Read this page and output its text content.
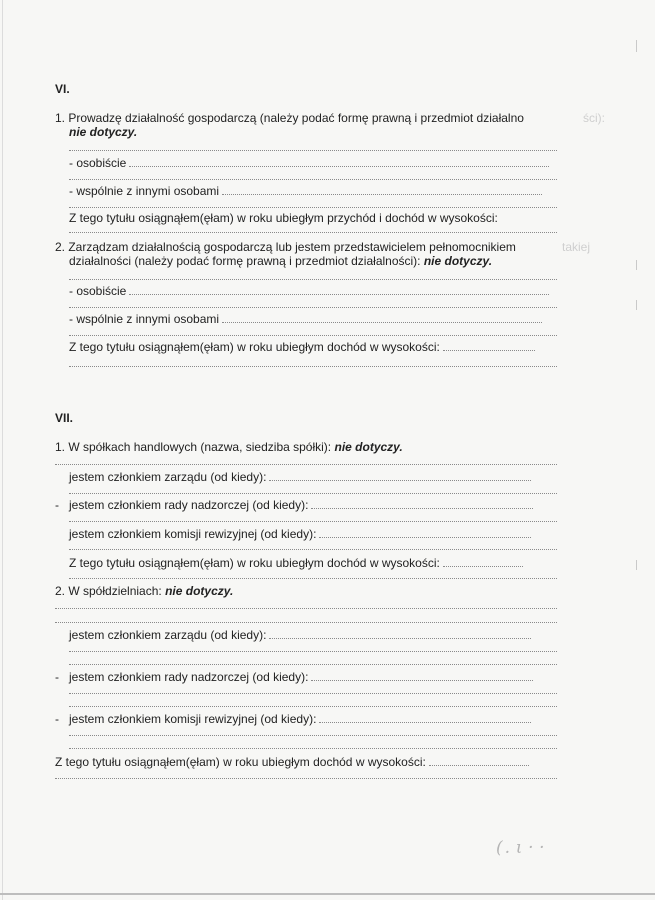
VI.
1. Prowadzę działalność gospodarczą (należy podać formę prawną i przedmiot działalno	ści):
nie dotyczy.
- osobiście
- wspólnie z innymi osobami
Z tego tytułu osiągnąłem(ęłam) w roku ubiegłym przychód i dochód w wysokości:
2. Zarządzam działalnością gospodarczą lub jestem przedstawicielem pełnomocnikiem	takiej
działalności (należy podać formę prawną i przedmiot działalności): nie dotyczy.
- osobiście
- wspólnie z innymi osobami
Z tego tytułu osiągnąłem(ęłam) w roku ubiegłym dochód w wysokości:
VII.
1. W spółkach handlowych (nazwa, siedziba spółki): nie dotyczy.
jestem członkiem zarządu (od kiedy):
- jestem członkiem rady nadzorczej (od kiedy):
jestem członkiem komisji rewizyjnej (od kiedy):
Z tego tytułu osiągnąłem(ęłam) w roku ubiegłym dochód w wysokości:
2. W spółdzielniach: nie dotyczy.
jestem członkiem zarządu (od kiedy):
- jestem członkiem rady nadzorczej (od kiedy):
- jestem członkiem komisji rewizyjnej (od kiedy):
Z tego tytułu osiągnąłem(ęłam) w roku ubiegłym dochód w wysokości:
(. ι · ·
